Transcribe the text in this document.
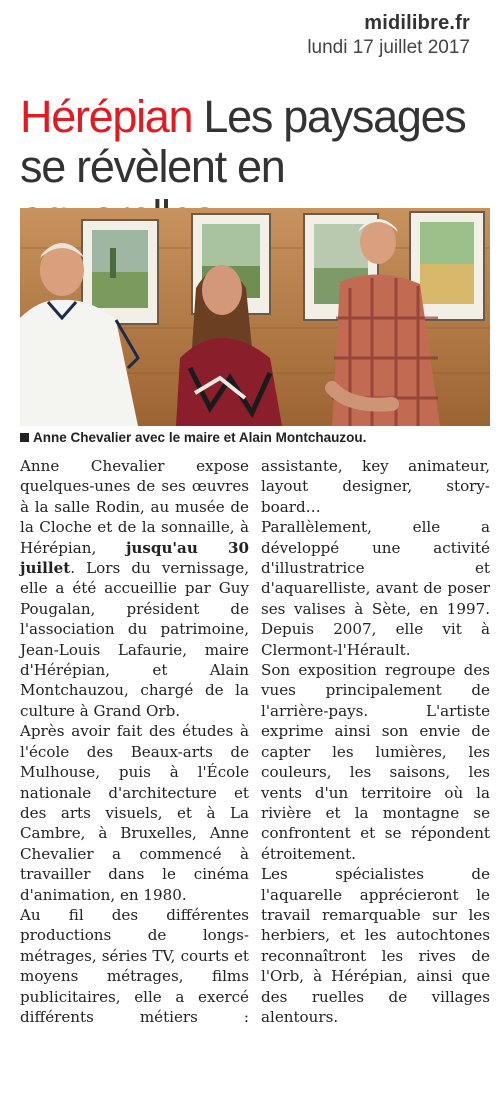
midilibre.fr
lundi 17 juillet 2017
Hérépian Les paysages se révèlent en
Anne Chevalier avec le maire et Alain Montchauzou.

Anne Chevalier expose quelques-unes de ses œuvres à la salle Rodin, au musée de la Cloche et de la sonnaille, à Hérépian, jusqu'au 30 juillet. Lors du vernissage, elle a été accueillie par Guy Pougalan, président de l'association du patrimoine, Jean-Louis Lafaurie, maire d'Hérépian, et Alain Montchauzou, chargé de la culture à Grand Orb.

Après avoir fait des études à l'école des Beaux-arts de Mulhouse, puis à l'École nationale d'architecture et des arts visuels, et à La Cambre, à Bruxelles, Anne Chevalier a commencé à travailler dans le cinéma d'animation, en 1980.

Au fil des différentes productions de longs-métrages, séries TV, courts et moyens métrages, films publicitaires, elle a exercé différents métiers : assistante, key animateur, layout designer, story-board…

Parallèlement, elle a développé une activité d'illustratrice et d'aquarelliste, avant de poser ses valises à Sète, en 1997. Depuis 2007, elle vit à Clermont-l'Hérault.

Son exposition regroupe des vues principalement de l'arrière-pays. L'artiste exprime ainsi son envie de capter les lumières, les couleurs, les saisons, les vents d'un territoire où la rivière et la montagne se confrontent et se répondent étroitement.

Les spécialistes de l'aquarelle apprécieront le travail remarquable sur les herbiers, et les autochtones reconnaîtront les rives de l'Orb, à Hérépian, ainsi que des ruelles de villages alentours.
